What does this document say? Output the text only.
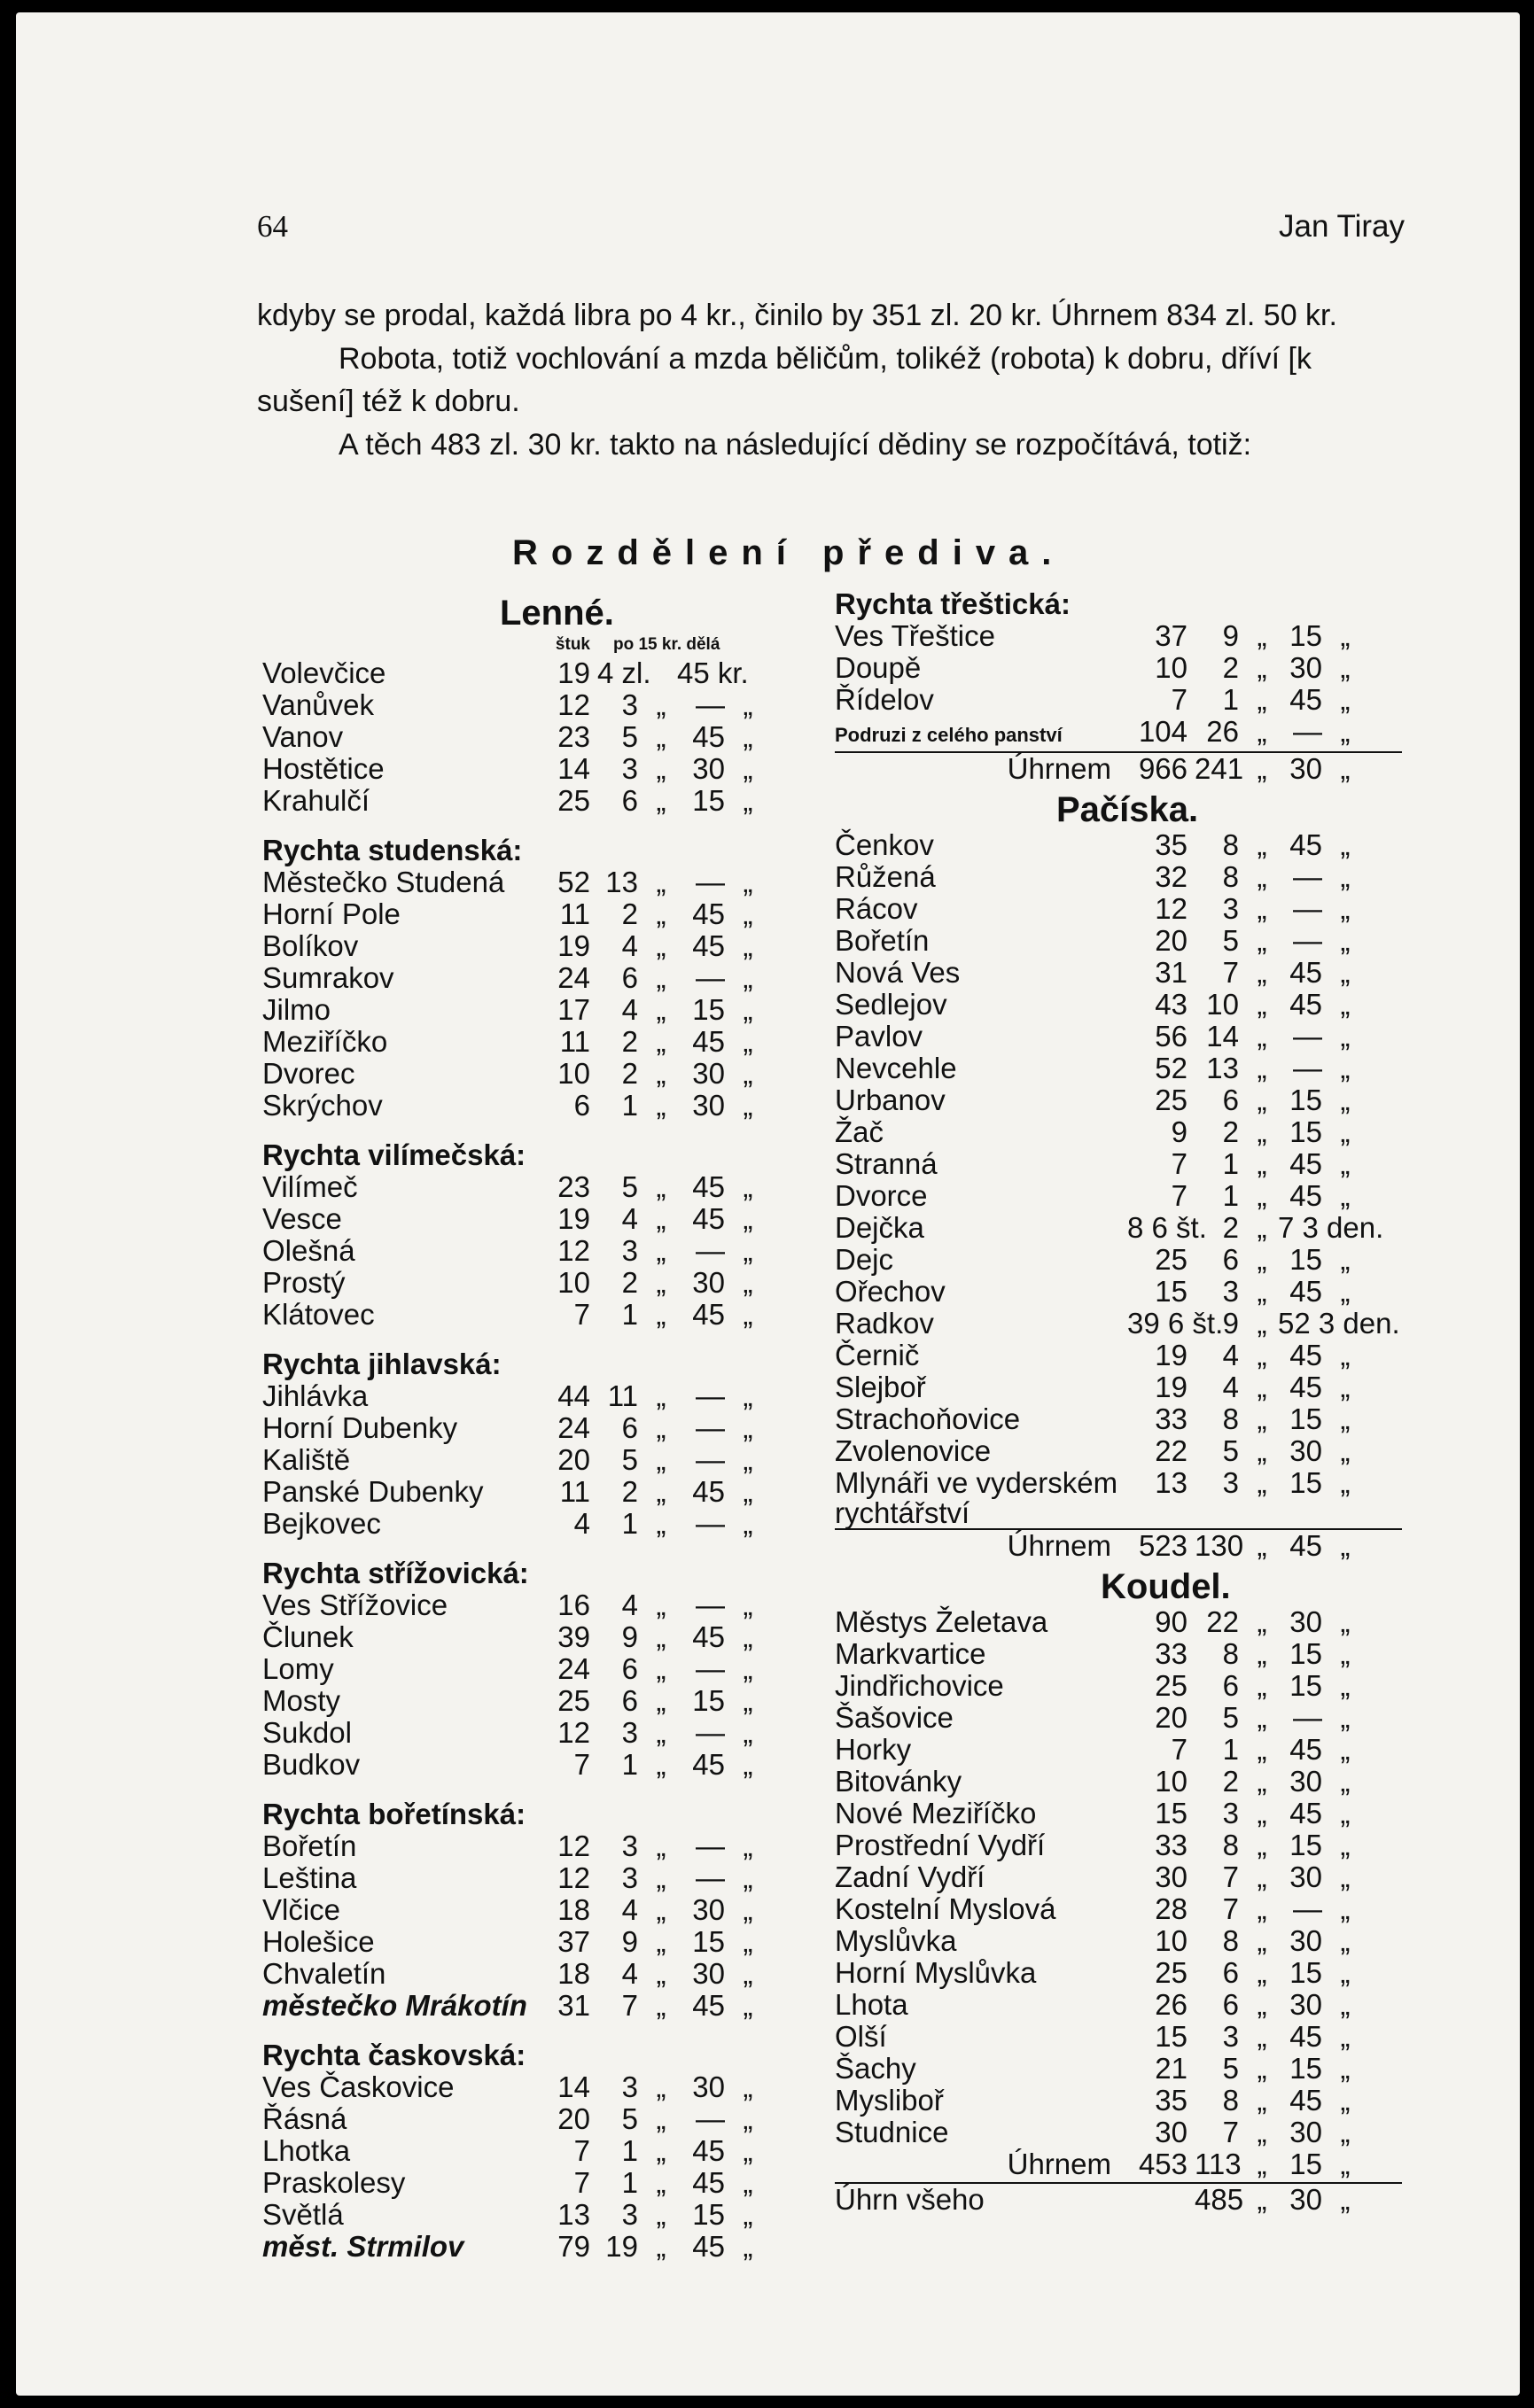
64	Jan Tiray

kdyby se prodal, každá libra po 4 kr., činilo by 351 zl. 20 kr. Úhrnem 834 zl. 50 kr.

Robota, totiž vochlování a mzda běličům, tolikéž (robota) k dobru, dříví [k sušení] též k dobru.

A těch 483 zl. 30 kr. takto na následující dědiny se rozpočítává, totiž:

Rozdělení přediva.
Lenné.
štuk	po 15 kr. dělá
Volevčice	19 4 zl. 45 kr.
Vanůvek	12	3 „	— „
Vanov	23	5 „ 45 „
Hostětice	14	3 „ 30 „
Krahulčí	25	6 „ 15 „
Rychta studenská:
Městečko Studená	52 13 „	— „
Horní Pole	11	2 „ 45 „
Bolíkov	19	4 „ 45 „
Sumrakov	24	6 „	— „
Jilmo	17	4 „ 15 „
Meziříčko	11	2 „ 45 „
Dvorec	10	2 „ 30 „
Skrýchov	6	1 „ 30 „
Rychta vilímečská:
Vilímeč	23	5 „ 45 „
Vesce	19	4 „ 45 „
Olešná	12	3 „	— „
Prostý	10	2 „ 30 „
Klátovec	7	1 „ 45 „
Rychta jihlavská:
Jihlávka	44 11 „	— „
Horní Dubenky	24	6 „	— „
Kaliště	20	5 „	— „
Panské Dubenky	11	2 „ 45 „
Bejkovec	4	1 „	— „
Rychta střížovická:
Ves Střížovice	16	4 „	— „
Člunek	39	9 „ 45 „
Lomy	24	6 „	— „
Mosty	25	6 „ 15 „
Sukdol	12	3 „	— „
Budkov	7	1 „ 45 „
Rychta bořetínská:
Bořetín	12	3 „	— „
Leština	12	3 „	— „
Vlčice	18	4 „ 30 „
Holešice	37	9 „ 15 „
Chvaletín	18	4 „ 30 „
městečko Mrákotín	31	7 „ 45 „
Rychta časkovská:
Ves Časkovice	14	3 „ 30 „
Řásná	20	5 „	— „
Lhotka	7	1 „ 45 „
Praskolesy	7	1 „ 45 „
Světlá	13	3 „ 15 „
měst. Strmilov	79 19 „ 45 „
Rychta třeštická:
Ves Třeštice	37	9 „ 15 „
Doupě	10	2 „ 30 „
Řídelov	7	1 „ 45 „
Podruzi z celého panství	104 26 „ — „
Úhrnem 966 241 „ 30 „
Pačíska.
Čenkov	35	8 „ 45 „
Růžená	32	8 „ — „
Rácov	12	3 „ — „
Bořetín	20	5 „ — „
Nová Ves	31	7 „ 45 „
Sedlejov	43 10 „ 45 „
Pavlov	56 14 „ — „
Nevcehle	52 13 „ — „
Urbanov	25	6 „ 15 „
Žač	9	2 „ 15 „
Stranná	7	1 „ 45 „
Dvorce	7	1 „ 45 „
Dejčka	8 6 št. 2 „ 7 3 den.
Dejc	25	6 „ 15 „
Ořechov	15	3 „ 45 „
Radkov	39 6 št. 9 „ 52 3 den.
Černič	19	4 „ 45 „
Slejboř	19	4 „ 45 „
Strachoňovice	33	8 „ 15 „
Zvolenovice	22	5 „ 30 „
Mlynáři ve vyderském rychtářství
13	3 „ 15 „
Úhrnem 523 130 „ 45 „
Koudel.
Městys Želetava	90 22 „ 30 „
Markvartice	33	8 „ 15 „
Jindřichovice	25	6 „ 15 „
Šašovice	20	5 „ — „
Horky	7	1 „ 45 „
Bitovánky	10	2 „ 30 „
Nové Meziříčko	15	3 „ 45 „
Prostřední Vydří	33	8 „ 15 „
Zadní Vydří	30	7 „ 30 „
Kostelní Myslová	28	7 „ — „
Myslůvka	10	8 „ 30 „
Horní Myslůvka	25	6 „ 15 „
Lhota	26	6 „ 30 „
Olší	15	3 „ 45 „
Šachy	21	5 „ 15 „
Mysliboř	35	8 „ 45 „
Studnice	30	7 „ 30 „
Úhrnem 453 113 „ 15 „
Úhrn všeho	485 „ 30 „
